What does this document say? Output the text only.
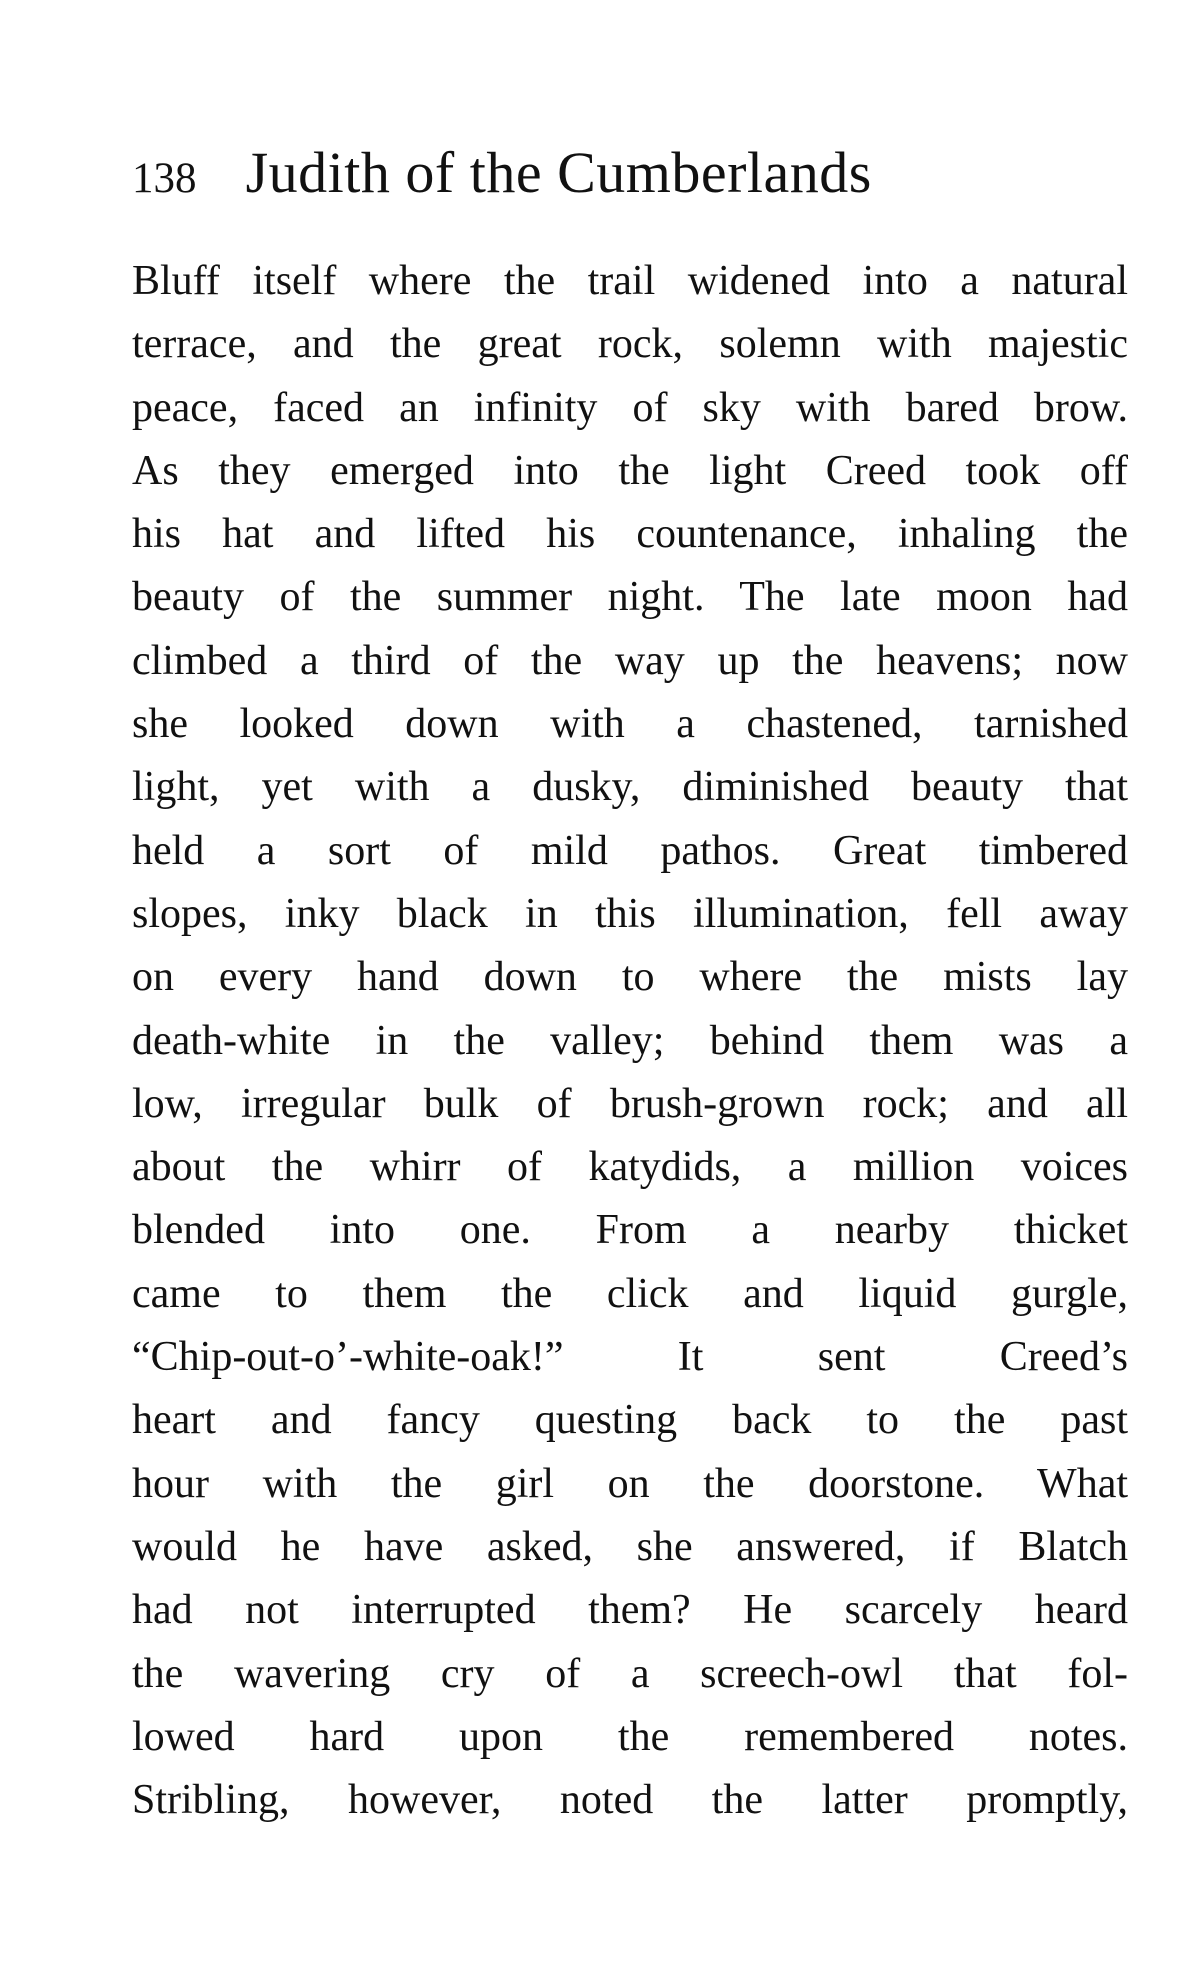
138 Judith of the Cumberlands
Bluff itself where the trail widened into a natural
terrace, and the great rock, solemn with majestic
peace, faced an infinity of sky with bared brow.
As they emerged into the light Creed took off
his hat and lifted his countenance, inhaling the
beauty of the summer night. The late moon had
climbed a third of the way up the heavens; now
she looked down with a chastened, tarnished
light, yet with a dusky, diminished beauty that
held a sort of mild pathos. Great timbered
slopes, inky black in this illumination, fell away
on every hand down to where the mists lay
death-white in the valley; behind them was a
low, irregular bulk of brush-grown rock; and all
about the whirr of katydids, a million voices
blended into one. From a nearby thicket
came to them the click and liquid gurgle,
“Chip-out-o’-white-oak!” It sent Creed’s
heart and fancy questing back to the past
hour with the girl on the doorstone. What
would he have asked, she answered, if Blatch
had not interrupted them? He scarcely heard
the wavering cry of a screech-owl that fol-
lowed hard upon the remembered notes.
Stribling, however, noted the latter promptly,
